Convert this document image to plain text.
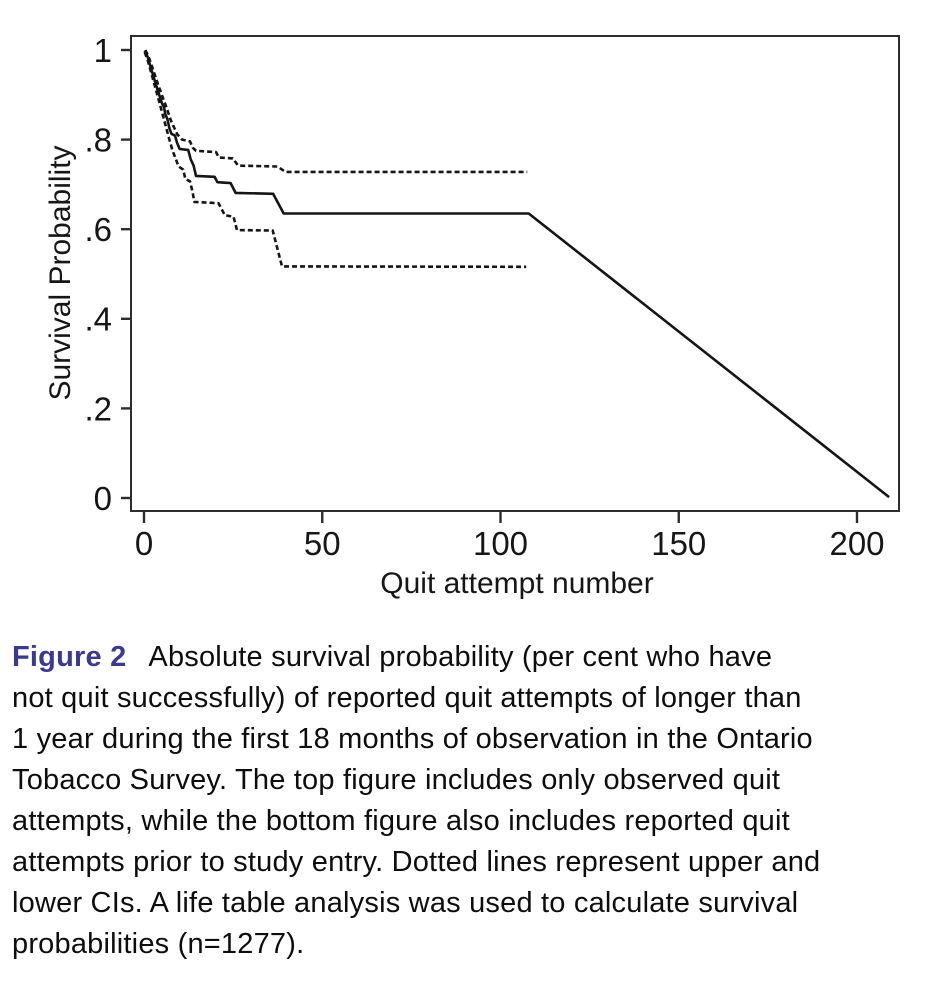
1
.8
.6
.4
.2
0
0	50	100	150	200
Survival Probability
Quit attempt number
Figure 2 Absolute survival probability (per cent who have
not quit successfully) of reported quit attempts of longer than
1 year during the first 18 months of observation in the Ontario
Tobacco Survey. The top figure includes only observed quit
attempts, while the bottom figure also includes reported quit
attempts prior to study entry. Dotted lines represent upper and
lower CIs. A life table analysis was used to calculate survival
probabilities (n=1277).
